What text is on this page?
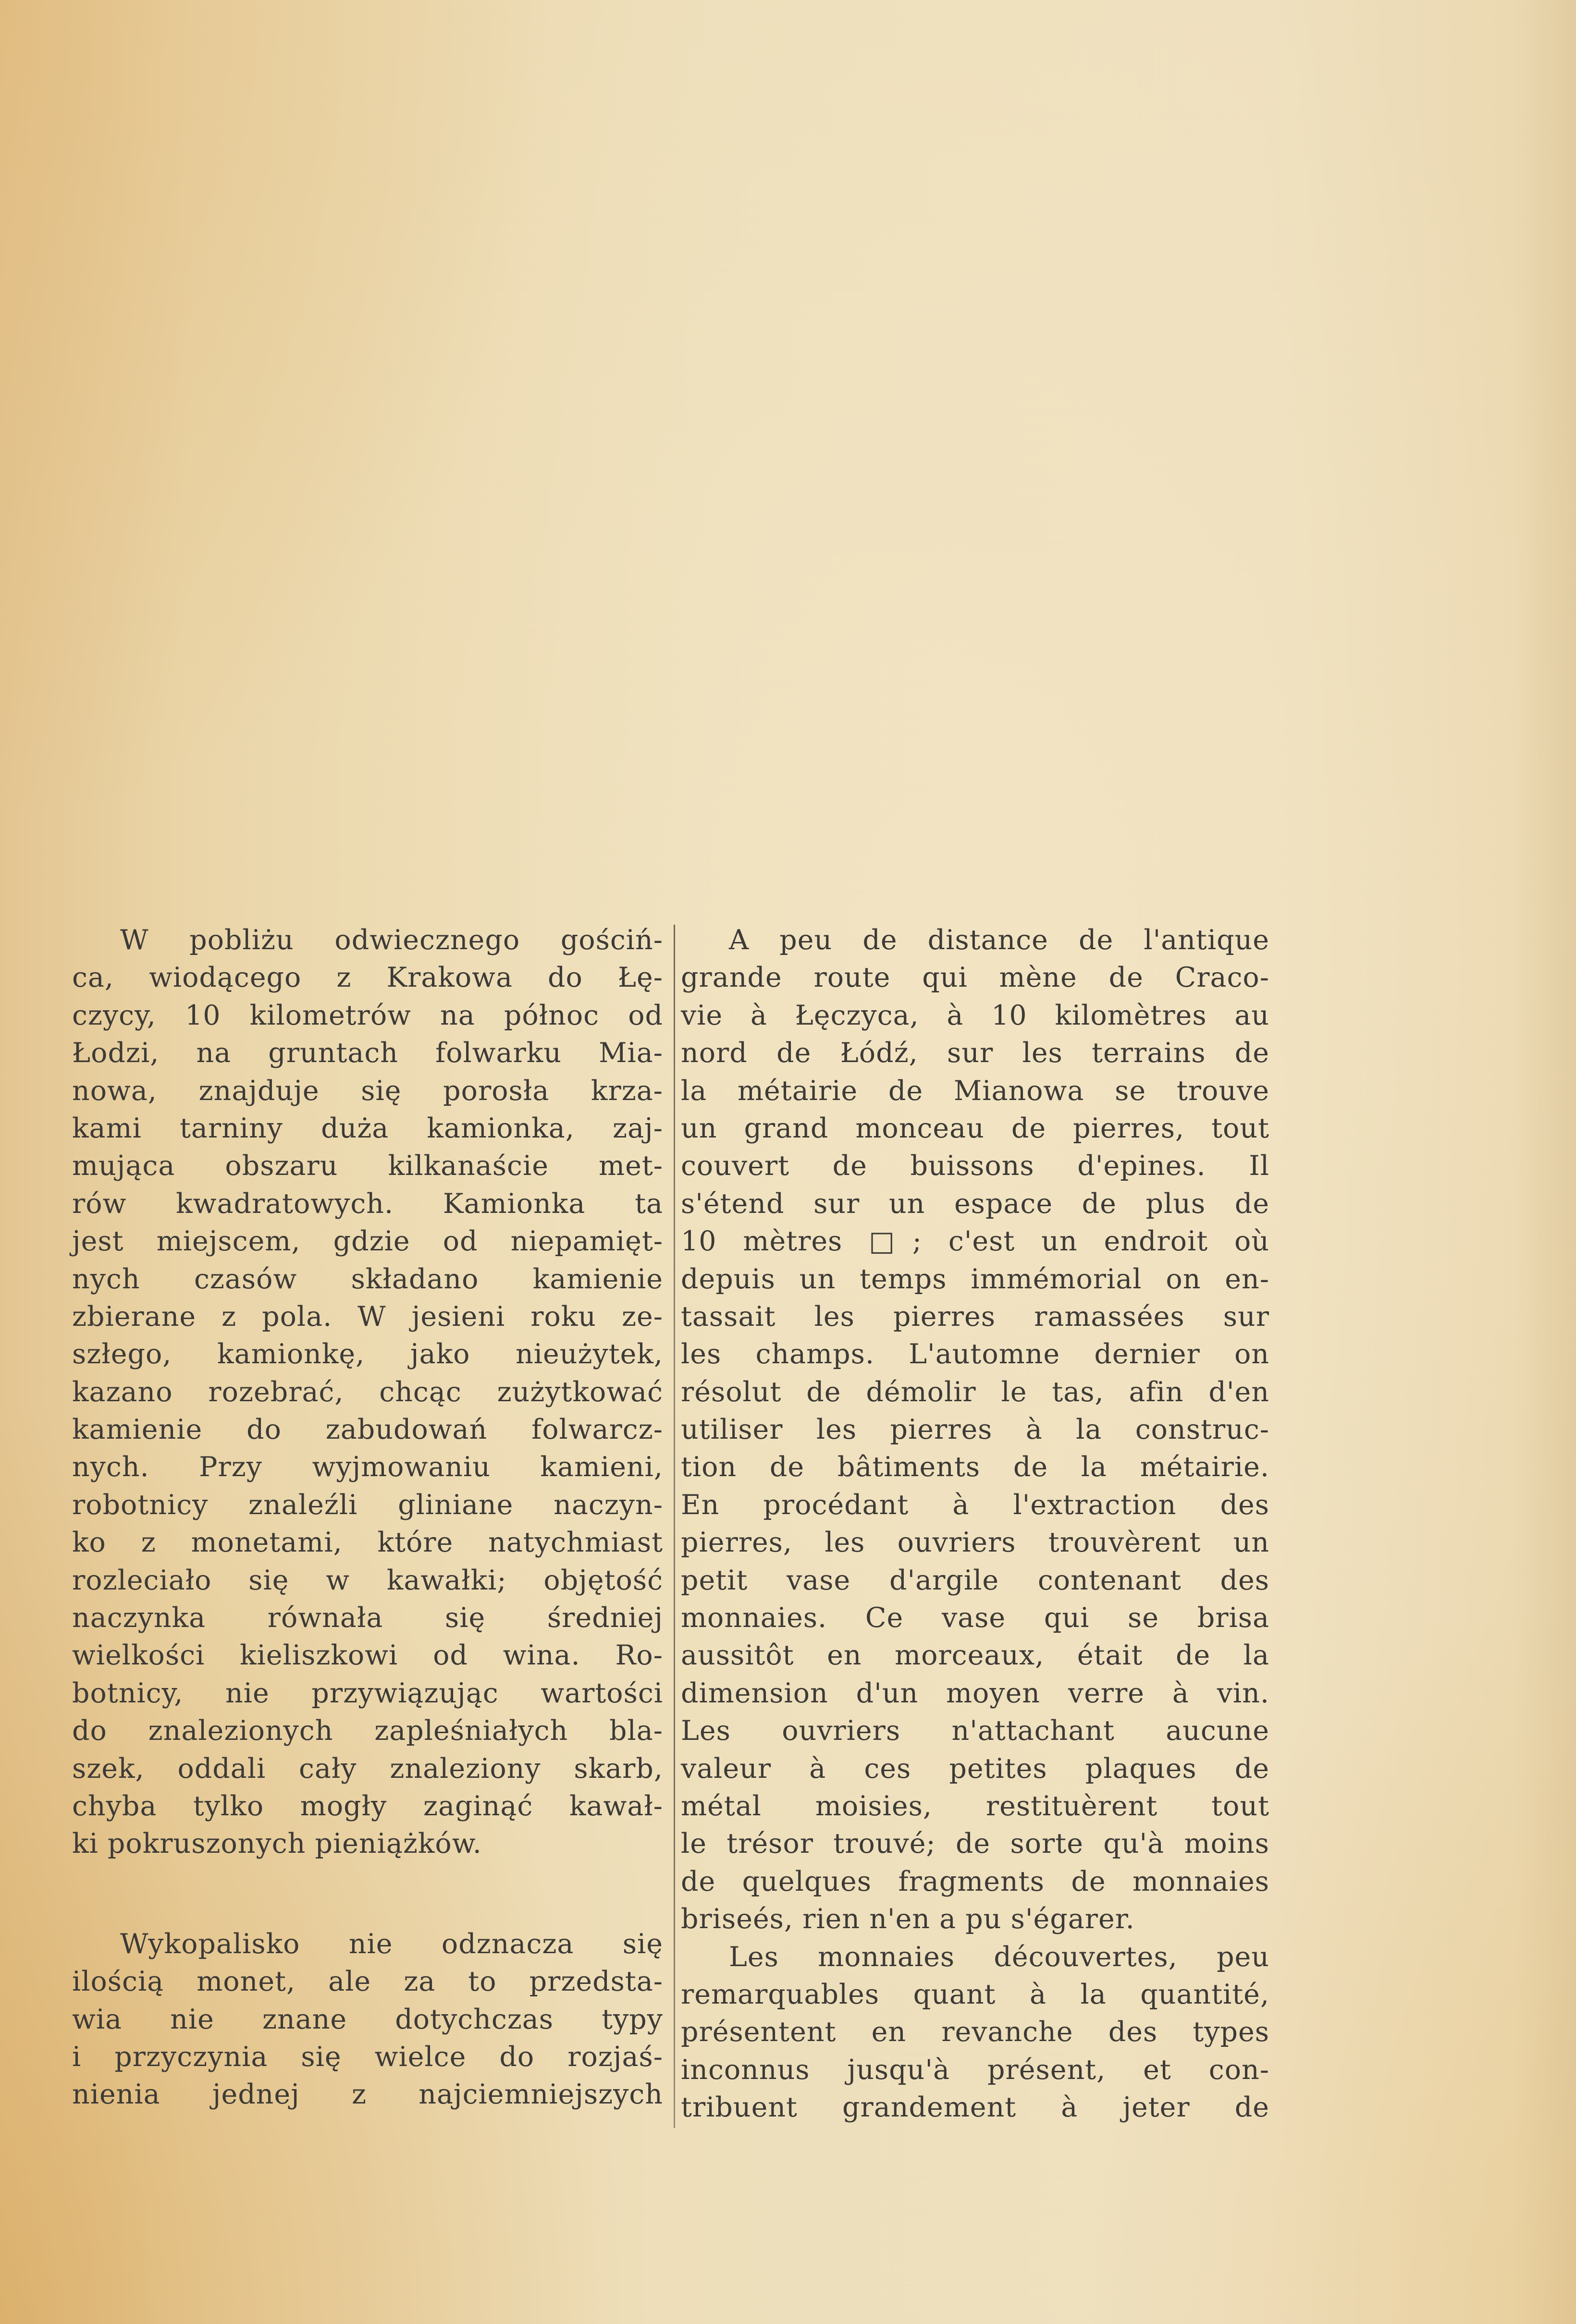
W pobliżu odwiecznego gościń-
ca, wiodącego z Krakowa do Łę-
czycy, 10 kilometrów na północ od
Łodzi, na gruntach folwarku Mia-
nowa, znajduje się porosła krza-
kami tarniny duża kamionka, zaj-
mująca obszaru kilkanaście met-
rów kwadratowych. Kamionka ta
jest miejscem, gdzie od niepamięt-
nych czasów składano kamienie
zbierane z pola. W jesieni roku ze-
szłego, kamionkę, jako nieużytek,
kazano rozebrać, chcąc zużytkować
kamienie do zabudowań folwarcz-
nych. Przy wyjmowaniu kamieni,
robotnicy znaleźli gliniane naczyn-
ko z monetami, które natychmiast
rozleciało się w kawałki; objętość
naczynka równała się średniej
wielkości kieliszkowi od wina. Ro-
botnicy, nie przywiązując wartości
do znalezionych zapleśniałych bla-
szek, oddali cały znaleziony skarb,
chyba tylko mogły zaginąć kawał-
ki pokruszonych pieniążków.
Wykopalisko nie odznacza się
ilością monet, ale za to przedsta-
wia nie znane dotychczas typy
i przyczynia się wielce do rozjaś-
nienia jednej z najciemniejszych
A peu de distance de l'antique
grande route qui mène de Craco-
vie à Łęczyca, à 10 kilomètres au
nord de Łódź, sur les terrains de
la métairie de Mianowa se trouve
un grand monceau de pierres, tout
couvert de buissons d'epines. Il
s'étend sur un espace de plus de
10 mètres □; c'est un endroit où
depuis un temps immémorial on en-
tassait les pierres ramassées sur
les champs. L'automne dernier on
résolut de démolir le tas, afin d'en
utiliser les pierres à la construc-
tion de bâtiments de la métairie.
En procédant à l'extraction des
pierres, les ouvriers trouvèrent un
petit vase d'argile contenant des
monnaies. Ce vase qui se brisa
aussitôt en morceaux, était de la
dimension d'un moyen verre à vin.
Les ouvriers n'attachant aucune
valeur à ces petites plaques de
métal moisies, restituèrent tout
le trésor trouvé; de sorte qu'à moins
de quelques fragments de monnaies
briseés, rien n'en a pu s'égarer.
Les monnaies découvertes, peu
remarquables quant à la quantité,
présentent en revanche des types
inconnus jusqu'à présent, et con-
tribuent grandement à jeter de
